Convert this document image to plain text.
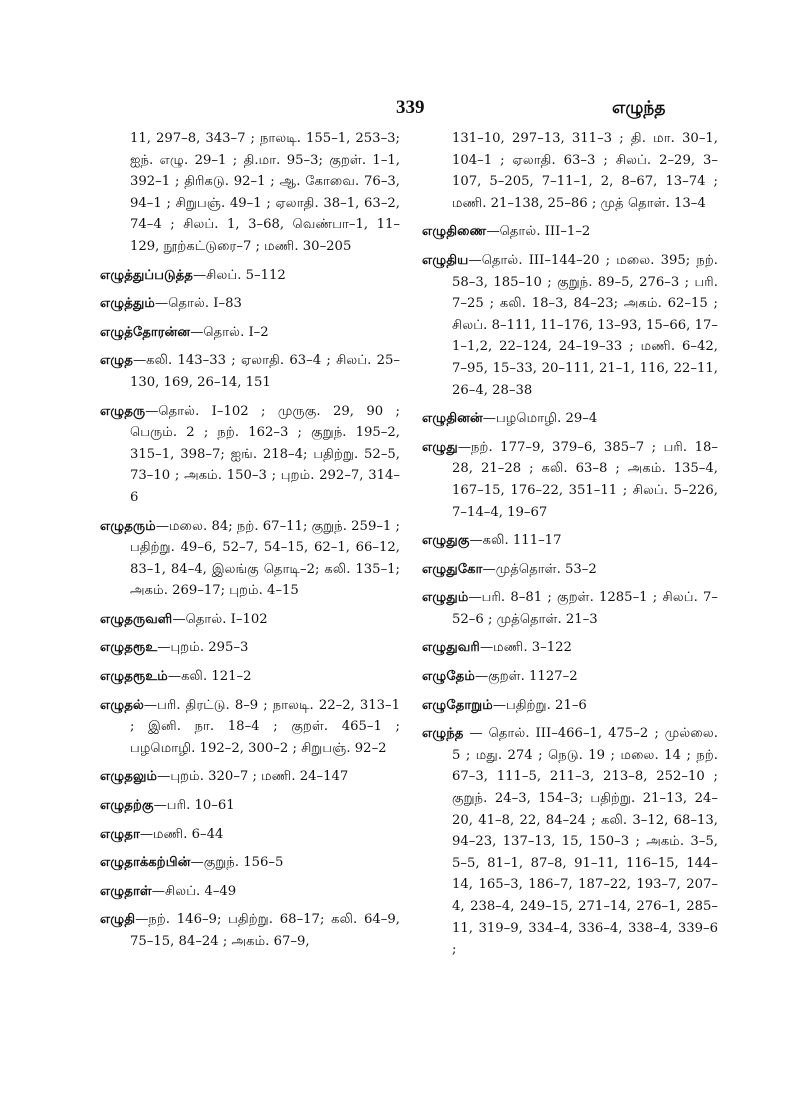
339	எழுந்த
11, 297–8, 343–7 ; நாலடி. 155–1, 253–3; ஐந். எழு. 29–1 ; தி.மா. 95–3; குறள். 1–1, 392–1 ; திரிகடு. 92–1 ; ஆ. கோவை. 76–3, 94–1 ; சிறுபஞ். 49–1 ; ஏலாதி. 38–1, 63–2, 74–4 ; சிலப். 1, 3–68, வெண்பா–1, 11–129, நூற்கட்டுரை–7 ; மணி. 30–205
எழுத்துப்படுத்த—சிலப். 5–112
எழுத்தும்—தொல். I–83
எழுத்தோரன்ன—தொல். I–2
எழுத—கலி. 143–33 ; ஏலாதி. 63–4 ; சிலப். 25–130, 169, 26–14, 151
எழுதரு—தொல். I–102 ; முருகு. 29, 90 ; பெரும். 2 ; நற். 162–3 ; குறுந். 195–2, 315–1, 398–7; ஐங். 218–4; பதிற்று. 52–5, 73–10 ; அகம். 150–3 ; புறம். 292–7, 314–6
எழுதரும்—மலை. 84; நற். 67–11; குறுந். 259–1 ; பதிற்று. 49–6, 52–7, 54–15, 62–1, 66–12, 83–1, 84–4, இலங்கு தொடி–2; கலி. 135–1; அகம். 269–17; புறம். 4–15
எழுதருவளி—தொல். I–102
எழுதரூஉ—புறம். 295–3
எழுதரூஉம்—கலி. 121–2
எழுதல்—பரி. திரட்டு. 8–9 ; நாலடி. 22–2, 313–1 ; இனி. நா. 18–4 ; குறள். 465–1 ; பழமொழி. 192–2, 300–2 ; சிறுபஞ். 92–2
எழுதலும்—புறம். 320–7 ; மணி. 24–147
எழுதற்கு—பரி. 10–61
எழுதா—மணி. 6–44
எழுதாக்கற்பின்—குறுந். 156–5
எழுதாள்—சிலப். 4–49
எழுதி—நற். 146–9; பதிற்று. 68–17; கலி. 64–9, 75–15, 84–24 ; அகம். 67–9,
131–10, 297–13, 311–3 ; தி. மா. 30–1, 104–1 ; ஏலாதி. 63–3 ; சிலப். 2–29, 3–107, 5–205, 7–11–1, 2, 8–67, 13–74 ; மணி. 21–138, 25–86 ; முத் தொள். 13–4
எழுதிணை—தொல். III–1–2
எழுதிய—தொல். III–144–20 ; மலை. 395; நற். 58–3, 185–10 ; குறுந். 89–5, 276–3 ; பரி. 7–25 ; கலி. 18–3, 84–23; அகம். 62–15 ; சிலப். 8–111, 11–176, 13–93, 15–66, 17–1–1,2, 22–124, 24–19–33 ; மணி. 6–42, 7–95, 15–33, 20–111, 21–1, 116, 22–11, 26–4, 28–38
எழுதினன்—பழமொழி. 29–4
எழுது—நற். 177–9, 379–6, 385–7 ; பரி. 18–28, 21–28 ; கலி. 63–8 ; அகம். 135–4, 167–15, 176–22, 351–11 ; சிலப். 5–226, 7–14–4, 19–67
எழுதுகு—கலி. 111–17
எழுதுகோ—முத்தொள். 53–2
எழுதும்—பரி. 8–81 ; குறள். 1285–1 ; சிலப். 7–52–6 ; முத்தொள். 21–3
எழுதுவரி—மணி. 3–122
எழுதேம்—குறள். 1127–2
எழுதோறும்—பதிற்று. 21–6
எழுந்த — தொல். III–466–1, 475–2 ; முல்லை. 5 ; மது. 274 ; நெடு. 19 ; மலை. 14 ; நற். 67–3, 111–5, 211–3, 213–8, 252–10 ; குறுந். 24–3, 154–3; பதிற்று. 21–13, 24–20, 41–8, 22, 84–24 ; கலி. 3–12, 68–13, 94–23, 137–13, 15, 150–3 ; அகம். 3–5, 5–5, 81–1, 87–8, 91–11, 116–15, 144–14, 165–3, 186–7, 187–22, 193–7, 207–4, 238–4, 249–15, 271–14, 276–1, 285–11, 319–9, 334–4, 336–4, 338–4, 339–6 ;
